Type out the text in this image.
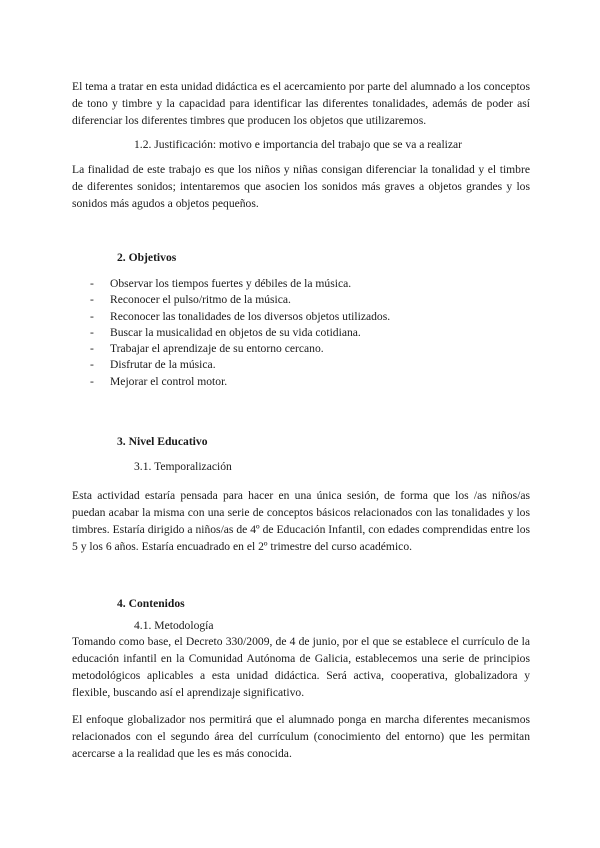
El tema a tratar en esta unidad didáctica es el acercamiento por parte del alumnado a los conceptos de tono y timbre y la capacidad para identificar las diferentes tonalidades, además de poder así diferenciar los diferentes timbres que producen los objetos que utilizaremos.

1.2. Justificación: motivo e importancia del trabajo que se va a realizar

La finalidad de este trabajo es que los niños y niñas consigan diferenciar la tonalidad y el timbre de diferentes sonidos; intentaremos que asocien los sonidos más graves a objetos grandes y los sonidos más agudos a objetos pequeños.

2. Objetivos

- Observar los tiempos fuertes y débiles de la música.
- Reconocer el pulso/ritmo de la música.
- Reconocer las tonalidades de los diversos objetos utilizados.
- Buscar la musicalidad en objetos de su vida cotidiana.
- Trabajar el aprendizaje de su entorno cercano.
- Disfrutar de la música.
- Mejorar el control motor.

3. Nivel Educativo

3.1. Temporalización

Esta actividad estaría pensada para hacer en una única sesión, de forma que los /as niños/as puedan acabar la misma con una serie de conceptos básicos relacionados con las tonalidades y los timbres. Estaría dirigido a niños/as de 4º de Educación Infantil, con edades comprendidas entre los 5 y los 6 años. Estaría encuadrado en el 2º trimestre del curso académico.

4. Contenidos

4.1. Metodología

Tomando como base, el Decreto 330/2009, de 4 de junio, por el que se establece el currículo de la educación infantil en la Comunidad Autónoma de Galicia, establecemos una serie de principios metodológicos aplicables a esta unidad didáctica. Será activa, cooperativa, globalizadora y flexible, buscando así el aprendizaje significativo.

El enfoque globalizador nos permitirá que el alumnado ponga en marcha diferentes mecanismos relacionados con el segundo área del currículum (conocimiento del entorno) que les permitan acercarse a la realidad que les es más conocida.
